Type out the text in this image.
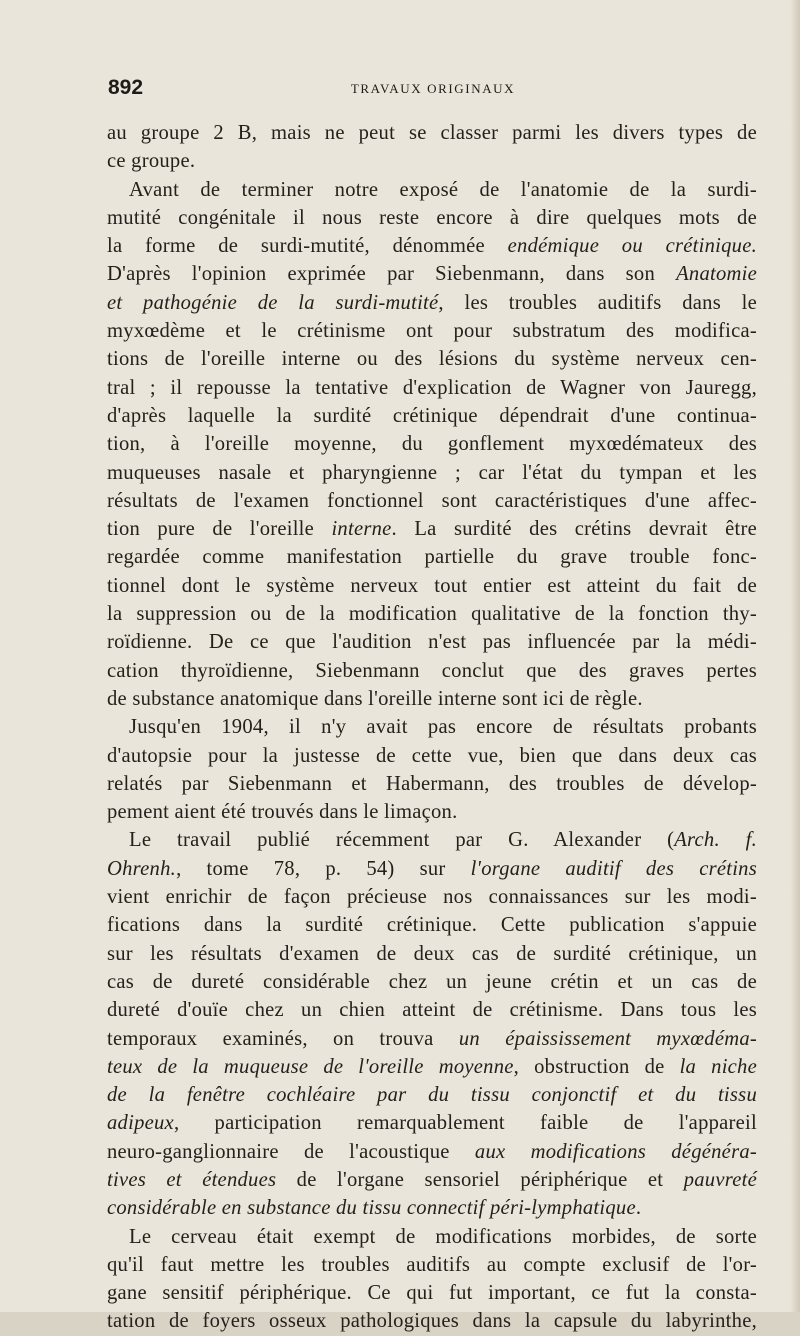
892	TRAVAUX ORIGINAUX
au groupe 2 B, mais ne peut se classer parmi les divers types de
ce groupe.
Avant de terminer notre exposé de l'anatomie de la surdi-
mutité congénitale il nous reste encore à dire quelques mots de
la forme de surdi-mutité, dénommée endémique ou crétinique.
D'après l'opinion exprimée par Siebenmann, dans son Anatomie
et pathogénie de la surdi-mutité, les troubles auditifs dans le
myxœdème et le crétinisme ont pour substratum des modifica-
tions de l'oreille interne ou des lésions du système nerveux cen-
tral ; il repousse la tentative d'explication de Wagner von Jauregg,
d'après laquelle la surdité crétinique dépendrait d'une continua-
tion, à l'oreille moyenne, du gonflement myxœdémateux des
muqueuses nasale et pharyngienne ; car l'état du tympan et les
résultats de l'examen fonctionnel sont caractéristiques d'une affec-
tion pure de l'oreille interne. La surdité des crétins devrait être
regardée comme manifestation partielle du grave trouble fonc-
tionnel dont le système nerveux tout entier est atteint du fait de
la suppression ou de la modification qualitative de la fonction thy-
roïdienne. De ce que l'audition n'est pas influencée par la médi-
cation thyroïdienne, Siebenmann conclut que des graves pertes
de substance anatomique dans l'oreille interne sont ici de règle.
Jusqu'en 1904, il n'y avait pas encore de résultats probants
d'autopsie pour la justesse de cette vue, bien que dans deux cas
relatés par Siebenmann et Habermann, des troubles de dévelop-
pement aient été trouvés dans le limaçon.
Le travail publié récemment par G. Alexander (Arch. f.
Ohrenh., tome 78, p. 54) sur l'organe auditif des crétins
vient enrichir de façon précieuse nos connaissances sur les modi-
fications dans la surdité crétinique. Cette publication s'appuie
sur les résultats d'examen de deux cas de surdité crétinique, un
cas de dureté considérable chez un jeune crétin et un cas de
dureté d'ouïe chez un chien atteint de crétinisme. Dans tous les
temporaux examinés, on trouva un épaississement myxœdéma-
teux de la muqueuse de l'oreille moyenne, obstruction de la niche
de la fenêtre cochléaire par du tissu conjonctif et du tissu
adipeux, participation remarquablement faible de l'appareil
neuro-ganglionnaire de l'acoustique aux modifications dégénéra-
tives et étendues de l'organe sensoriel périphérique et pauvreté
considérable en substance du tissu connectif péri-lymphatique.
Le cerveau était exempt de modifications morbides, de sorte
qu'il faut mettre les troubles auditifs au compte exclusif de l'or-
gane sensitif périphérique. Ce qui fut important, ce fut la consta-
tation de foyers osseux pathologiques dans la capsule du labyrinthe,
